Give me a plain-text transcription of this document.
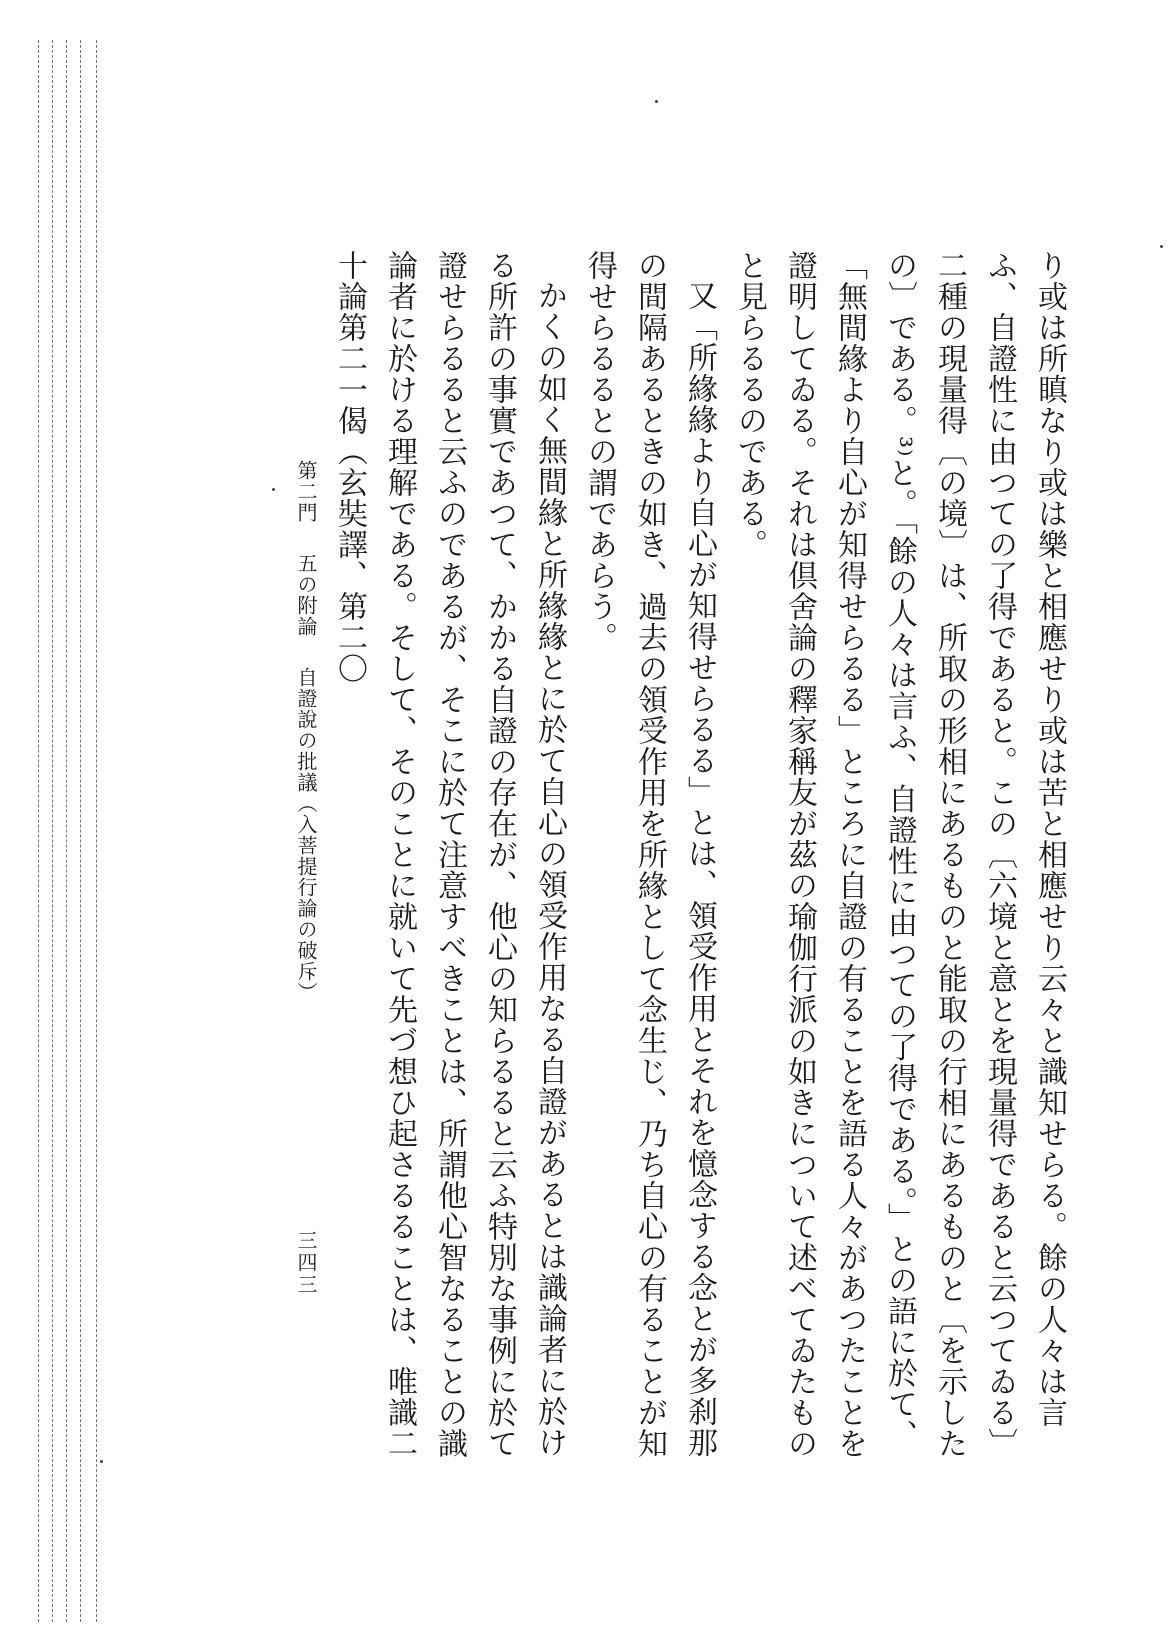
り或は所瞋なり或は樂と相應せり或は苦と相應せり云々と識知せらる。餘の人々は言ふ、自證性に由つての了得であると。この〔六境と意とを現量得であると云つてゐる〕二種の現量得〔の境〕は、所取の形相にあるものと能取の行相にあるものと〔を示したの〕である。³⁾と。「餘の人々は言ふ、自證性に由つての了得である。」との語に於て、「無間緣より自心が知得せらるる」ところに自證の有ることを語る人々があつたことを證明してゐる。それは倶舍論の釋家稱友が茲の瑜伽行派の如きについて述べてゐたものと見らるるのである。

又「所緣緣より自心が知得せらるる」とは、領受作用とそれを憶念する念とが多刹那の間隔あるときの如き、過去の領受作用を所緣として念生じ、乃ち自心の有ることが知得せらるるとの謂であらう。

かくの如く無間緣と所緣緣とに於て自心の領受作用なる自證があるとは識論者に於ける所許の事實であつて、かかる自證の存在が、他心の知らるると云ふ特別な事例に於て證せらるると云ふのであるが、そこに於て注意すべきことは、所謂他心智なることの識論者に於ける理解である。そして、そのことに就いて先づ想ひ起さるることは、唯識二十論第二一偈（玄奘譯、第二〇

第二門五の附論自證說の批議（入菩提行論の破斥）
三四三
